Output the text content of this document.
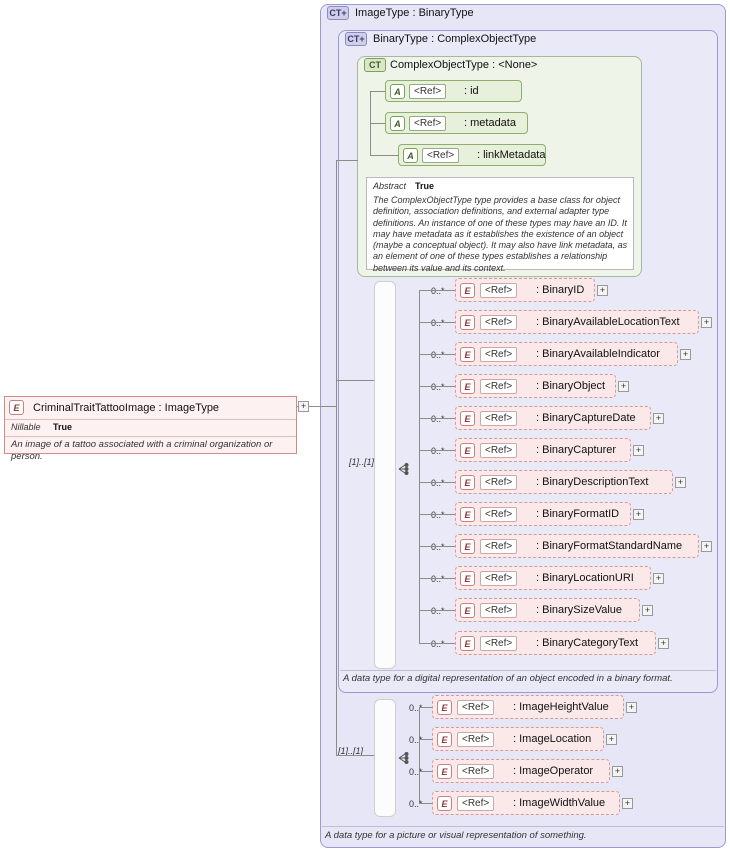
CT+ ImageType : BinaryType
CT+ BinaryType : ComplexObjectType
CT ComplexObjectType : <None>
A	<Ref>	: id
A	<Ref>	: metadata
A	<Ref>	: linkMetadata
Abstract True
The ComplexObjectType type provides a base class for object definition, association definitions, and external adapter type definitions. An instance of one of these types may have an ID. It may have metadata as it establishes the existence of an object (maybe a conceptual object). It may also have link metadata, as an element of one of these types establishes a relationship between its value and its context.
[1]..[1]
E	<Ref>	: BinaryID	+
0..*
E	<Ref>	: BinaryAvailableLocationText	+
0..*
E	<Ref>	: BinaryAvailableIndicator	+
0..*
E	<Ref>	: BinaryObject	+
0..*
E	<Ref>	: BinaryCaptureDate	+
0..*
E	<Ref>	: BinaryCapturer	+
0..*
E	<Ref>	: BinaryDescriptionText	+
0..*
E	<Ref>	: BinaryFormatID	+
0..*
E	<Ref>	: BinaryFormatStandardName	+
0..*
E	<Ref>	: BinaryLocationURI	+
0..*
E	<Ref>	: BinarySizeValue	+
0..*
E	<Ref>	: BinaryCategoryText	+
0..*
A data type for a digital representation of an object encoded in a binary format.
[1]..[1]
E	<Ref>	: ImageHeightValue	+
0..*
E	<Ref>	: ImageLocation	+
0..*
E	<Ref>	: ImageOperator	+
0..*
E	<Ref>	: ImageWidthValue	+
0..*
A data type for a picture or visual representation of something.
E	CriminalTraitTattooImage : ImageType
Nillable True
An image of a tattoo associated with a criminal organization or person.
+
